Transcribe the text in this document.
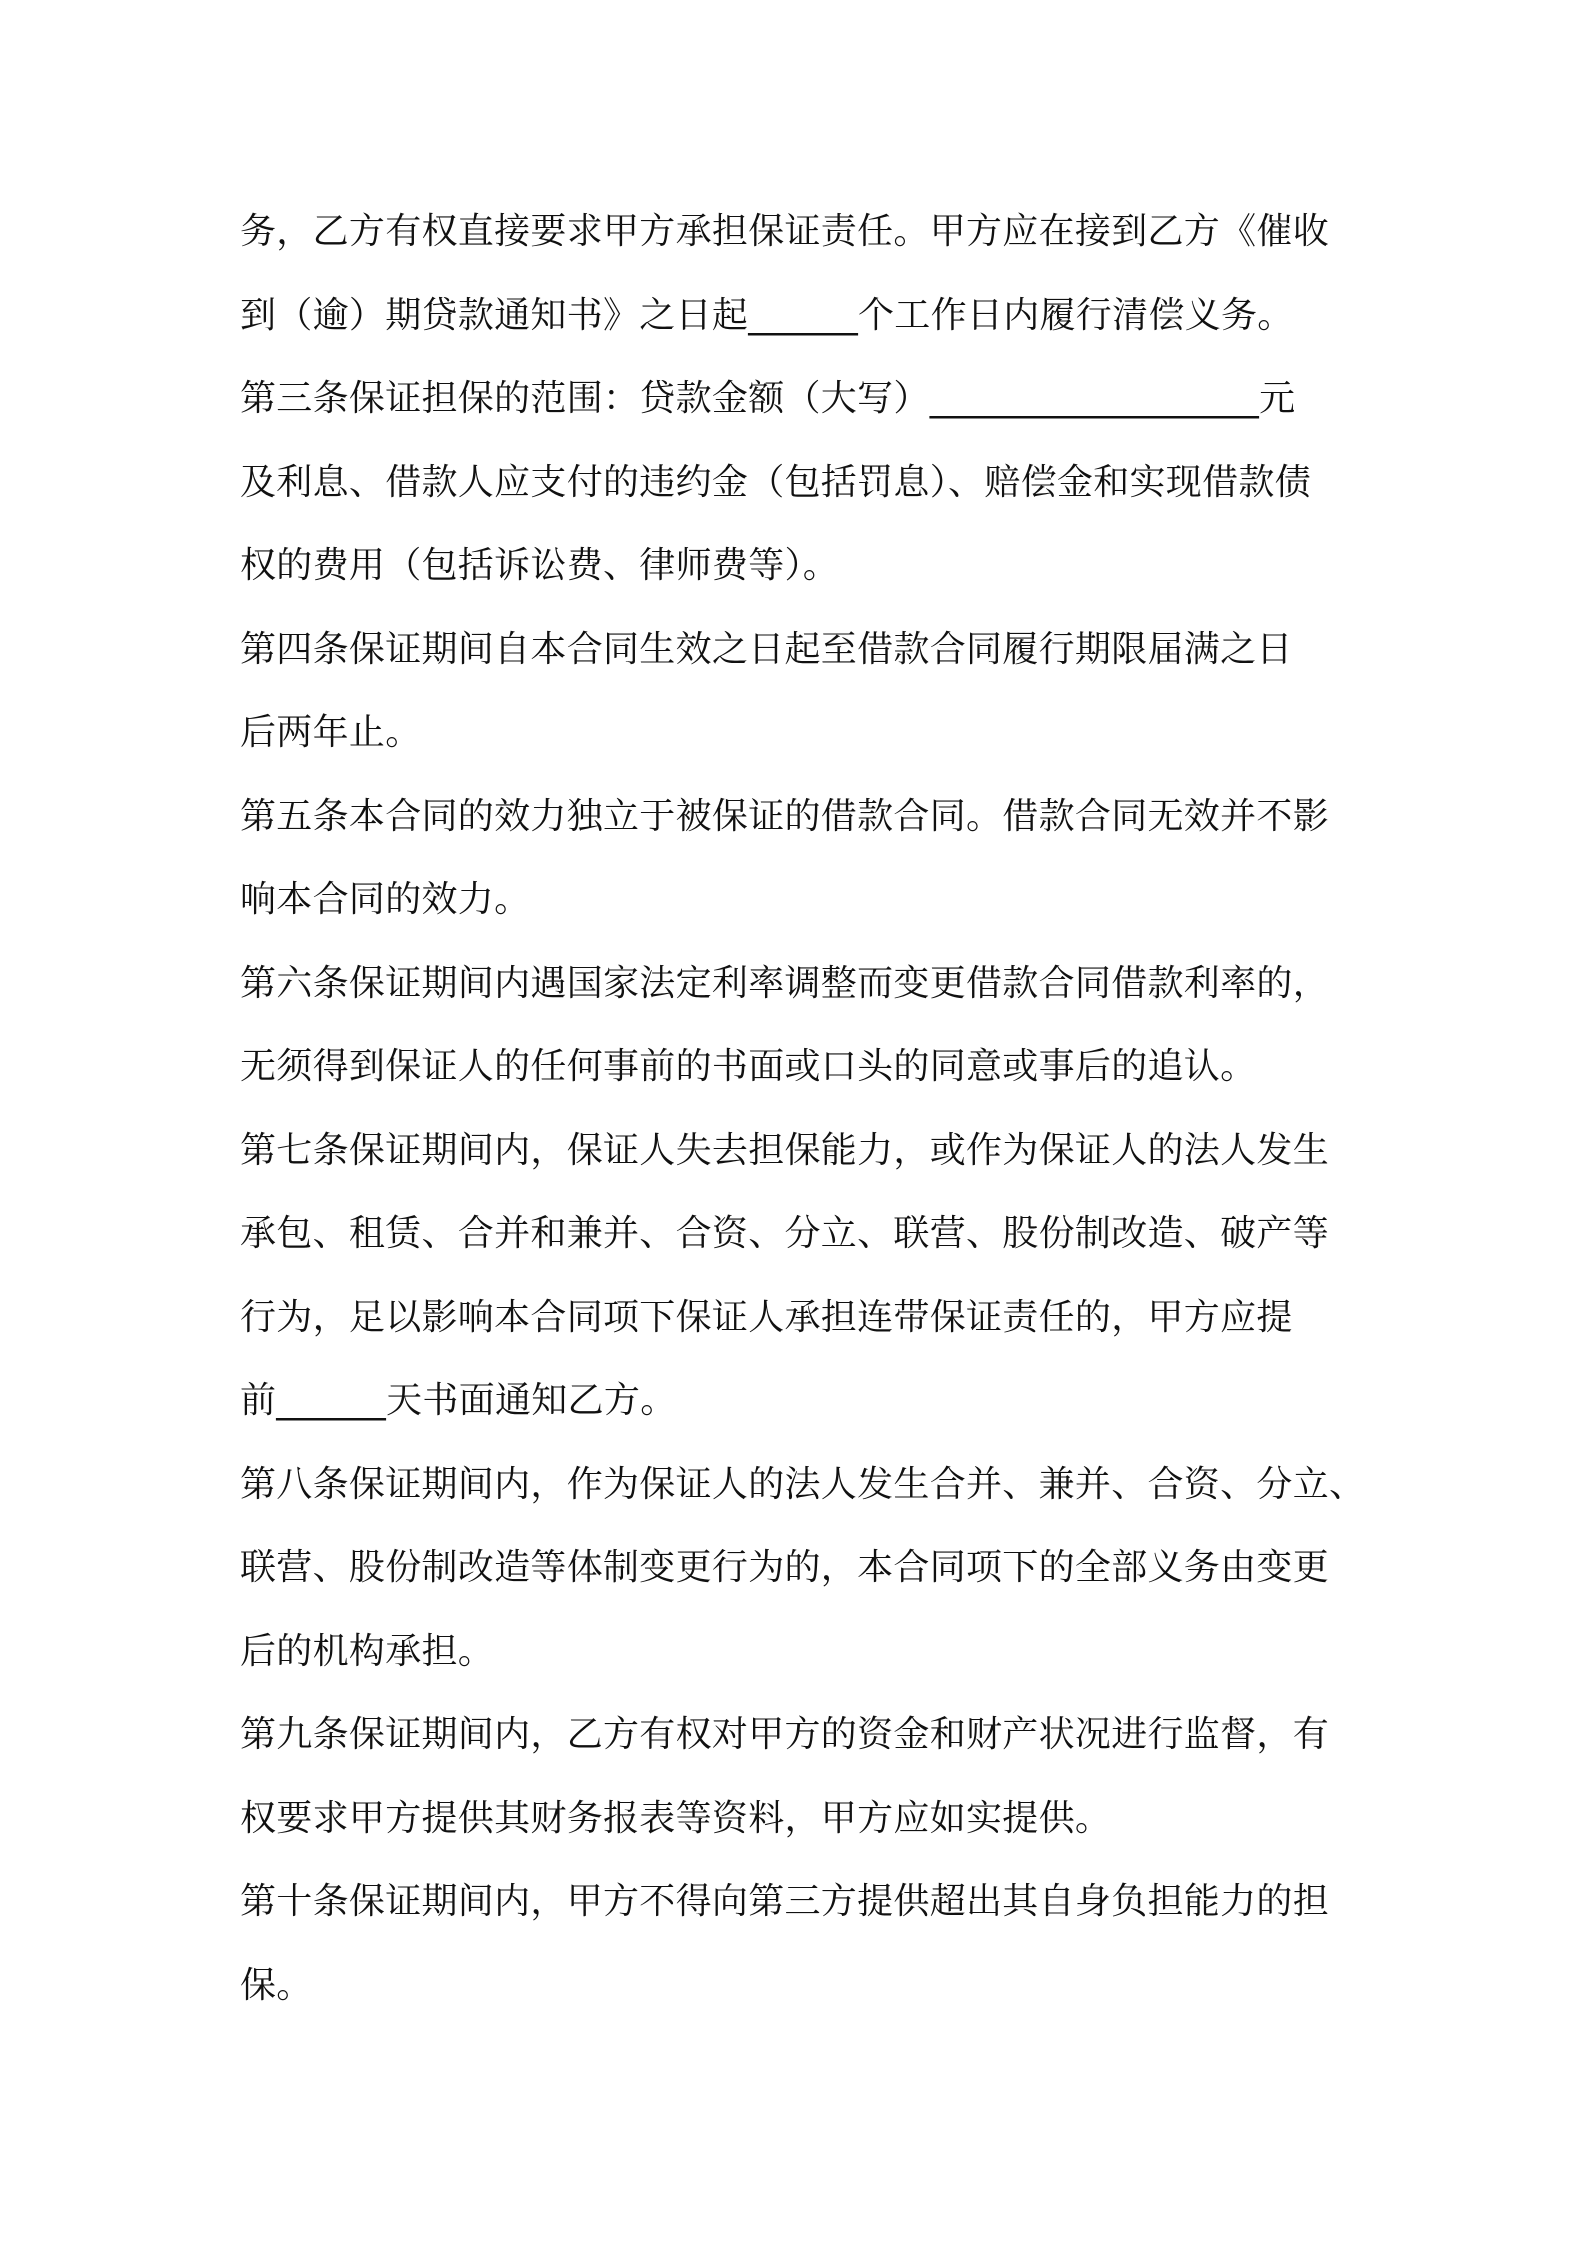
务，乙方有权直接要求甲方承担保证责任。甲方应在接到乙方《催收
到（逾）期贷款通知书》之日起______个工作日内履行清偿义务。
第三条保证担保的范围：贷款金额（大写）__________________元
及利息、借款人应支付的违约金（包括罚息）、赔偿金和实现借款债
权的费用（包括诉讼费、律师费等）。
第四条保证期间自本合同生效之日起至借款合同履行期限届满之日
后两年止。
第五条本合同的效力独立于被保证的借款合同。借款合同无效并不影
响本合同的效力。
第六条保证期间内遇国家法定利率调整而变更借款合同借款利率的，
无须得到保证人的任何事前的书面或口头的同意或事后的追认。
第七条保证期间内，保证人失去担保能力，或作为保证人的法人发生
承包、租赁、合并和兼并、合资、分立、联营、股份制改造、破产等
行为，足以影响本合同项下保证人承担连带保证责任的，甲方应提
前______天书面通知乙方。
第八条保证期间内，作为保证人的法人发生合并、兼并、合资、分立、
联营、股份制改造等体制变更行为的，本合同项下的全部义务由变更
后的机构承担。
第九条保证期间内，乙方有权对甲方的资金和财产状况进行监督，有
权要求甲方提供其财务报表等资料，甲方应如实提供。
第十条保证期间内，甲方不得向第三方提供超出其自身负担能力的担
保。
